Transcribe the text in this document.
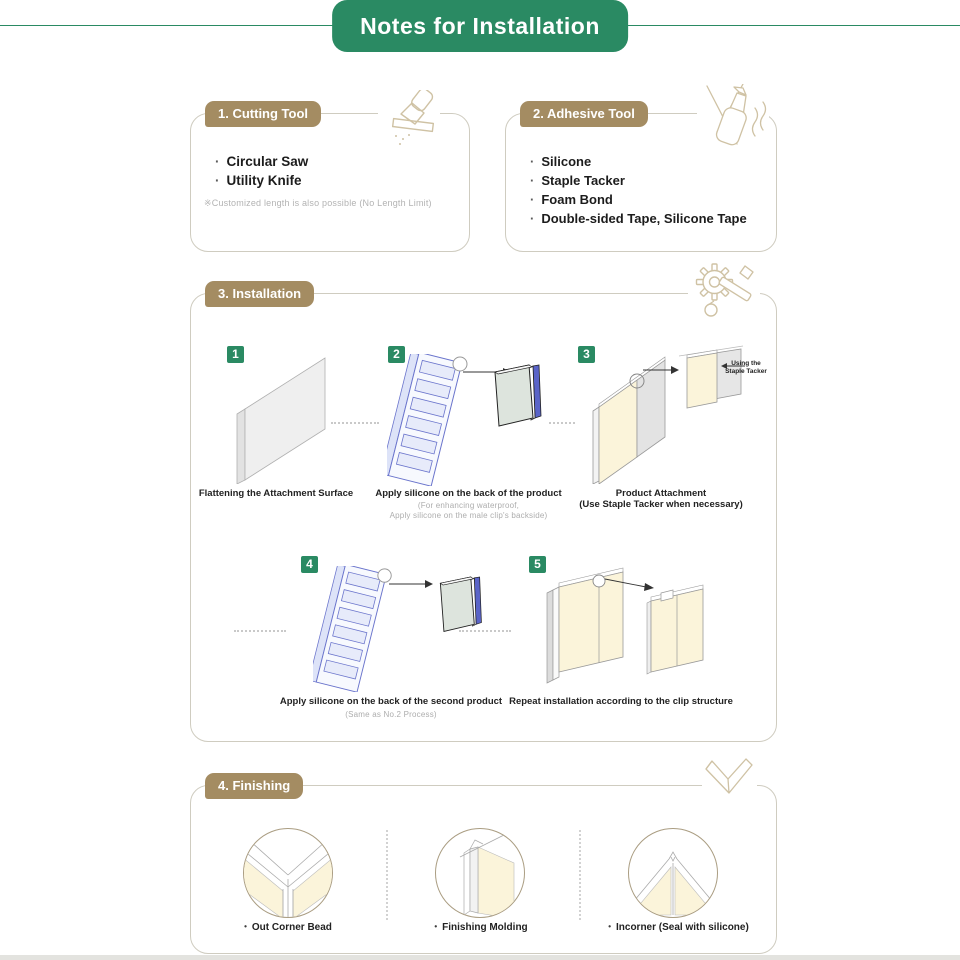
Notes for Installation
1. Cutting Tool
· Circular Saw
· Utility Knife
※Customized length is also possible (No Length Limit)
2. Adhesive Tool
· Silicone
· Staple Tacker
· Foam Bond
· Double-sided Tape, Silicone Tape
3. Installation
1
Flattening the Attachment Surface
2
Apply silicone on the back of the product
(For enhancing waterproof,
Apply silicone on the male clip's backside)
3
Using the
Staple Tacker
Product Attachment
(Use Staple Tacker when necessary)
4
Apply silicone on the back of the second product
(Same as No.2 Process)
5
Repeat installation according to the clip structure
4. Finishing
• Out Corner Bead	• Finishing Molding	• Incorner (Seal with silicone)
